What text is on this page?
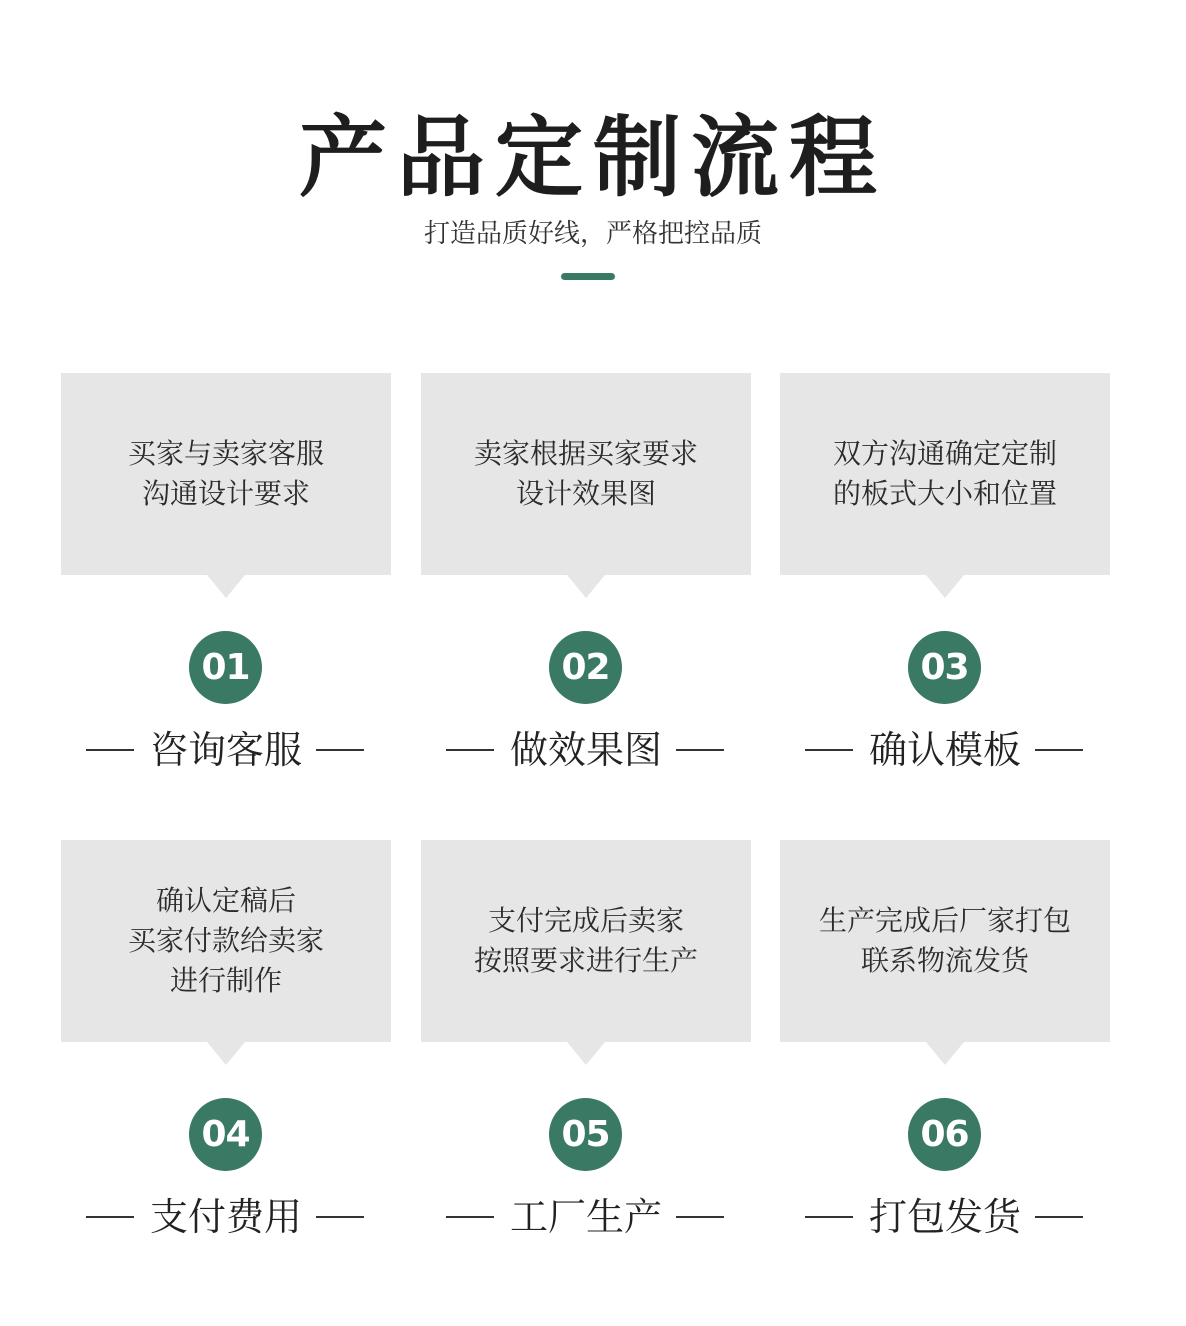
产品定制流程
打造品质好线，严格把控品质
买家与卖家客服
沟通设计要求
01
咨询客服
卖家根据买家要求
设计效果图
02
做效果图
双方沟通确定定制
的板式大小和位置
03
确认模板
确认定稿后
买家付款给卖家
进行制作
04
支付费用
支付完成后卖家
按照要求进行生产
05
工厂生产
生产完成后厂家打包
联系物流发货
06
打包发货
